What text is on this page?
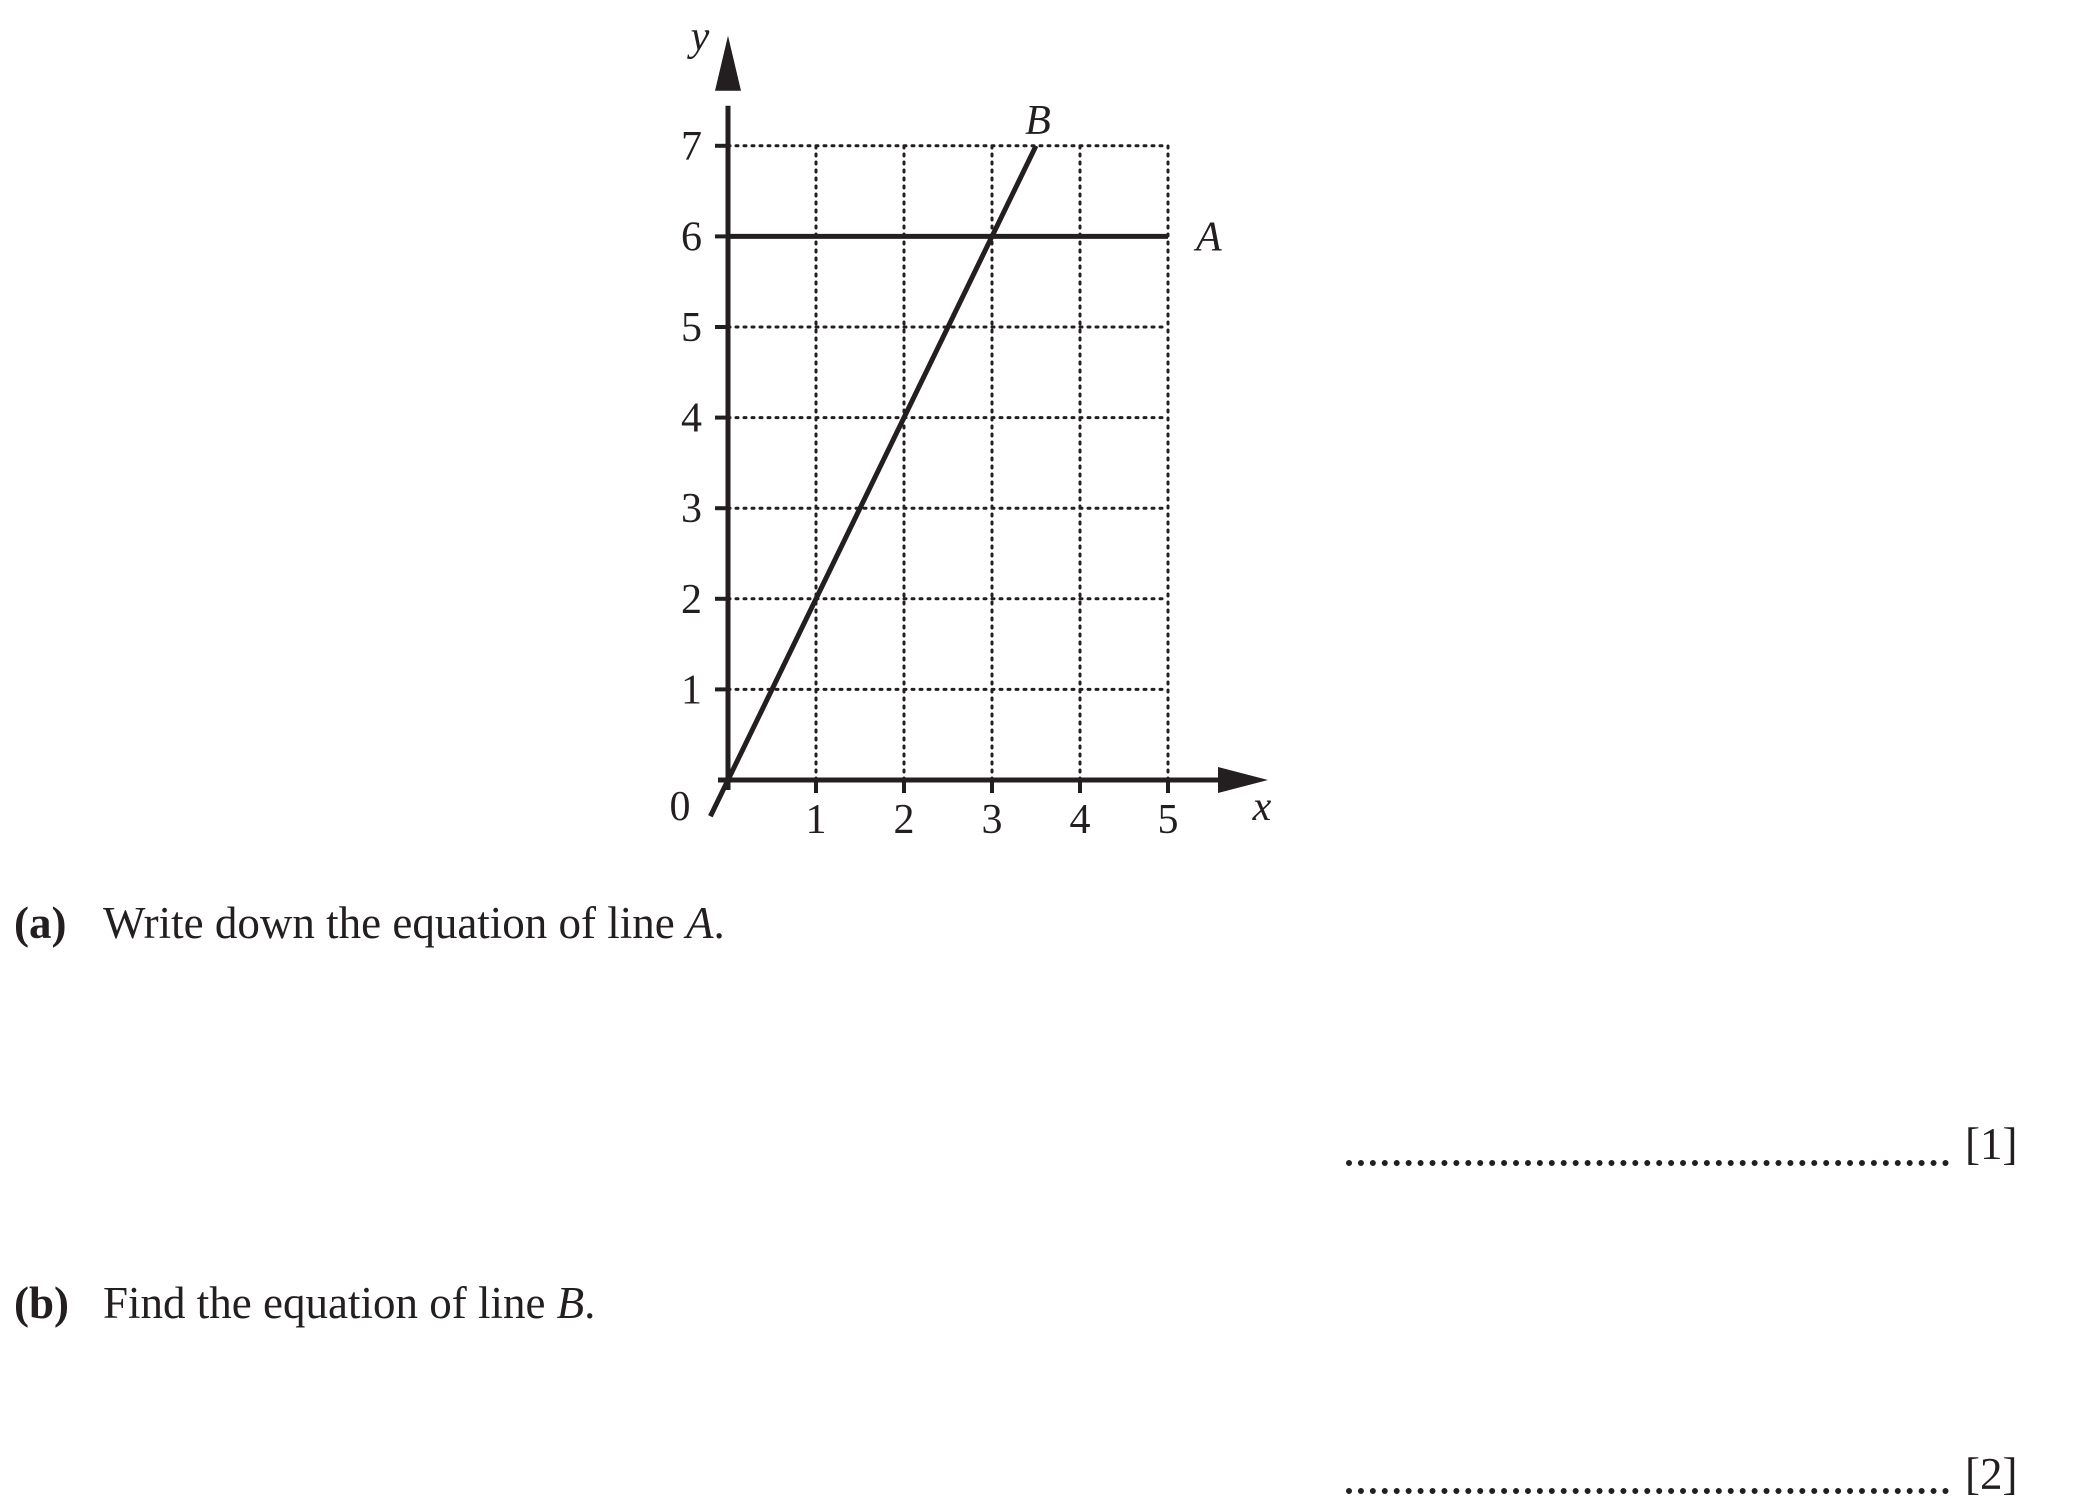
1 2 3 4 5
1
2
3
4
5
6
7
0	x
y
A
B
(a) Write down the equation of line A.
[1]
(b) Find the equation of line B.
[2]
